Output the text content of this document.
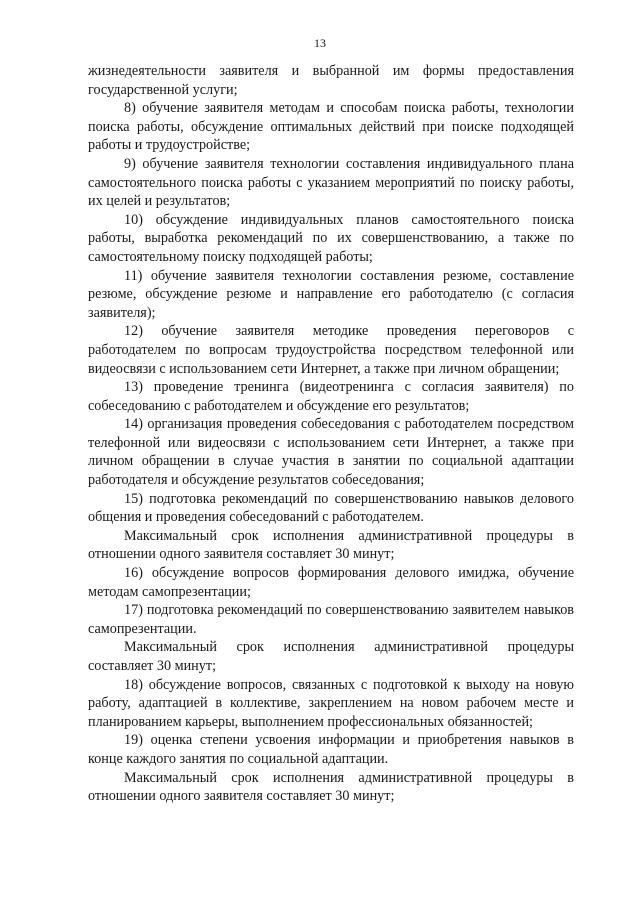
13

жизнедеятельности заявителя и выбранной им формы предоставления государственной услуги;

8) обучение заявителя методам и способам поиска работы, технологии поиска работы, обсуждение оптимальных действий при поиске подходящей работы и трудоустройстве;

9) обучение заявителя технологии составления индивидуального плана самостоятельного поиска работы с указанием мероприятий по поиску работы, их целей и результатов;

10) обсуждение индивидуальных планов самостоятельного поиска работы, выработка рекомендаций по их совершенствованию, а также по самостоятельному поиску подходящей работы;

11) обучение заявителя технологии составления резюме, составление резюме, обсуждение резюме и направление его работодателю (с согласия заявителя);

12) обучение заявителя методике проведения переговоров с работодателем по вопросам трудоустройства посредством телефонной или видеосвязи с использованием сети Интернет, а также при личном обращении;

13) проведение тренинга (видеотренинга с согласия заявителя) по собеседованию с работодателем и обсуждение его результатов;

14) организация проведения собеседования с работодателем посредством телефонной или видеосвязи с использованием сети Интернет, а также при личном обращении в случае участия в занятии по социальной адаптации работодателя и обсуждение результатов собеседования;

15) подготовка рекомендаций по совершенствованию навыков делового общения и проведения собеседований с работодателем.

Максимальный срок исполнения административной процедуры в отношении одного заявителя составляет 30 минут;

16) обсуждение вопросов формирования делового имиджа, обучение методам самопрезентации;

17) подготовка рекомендаций по совершенствованию заявителем навыков самопрезентации.

Максимальный срок исполнения административной процедуры составляет 30 минут;

18) обсуждение вопросов, связанных с подготовкой к выходу на новую работу, адаптацией в коллективе, закреплением на новом рабочем месте и планированием карьеры, выполнением профессиональных обязанностей;

19) оценка степени усвоения информации и приобретения навыков в конце каждого занятия по социальной адаптации.

Максимальный срок исполнения административной процедуры в отношении одного заявителя составляет 30 минут;
